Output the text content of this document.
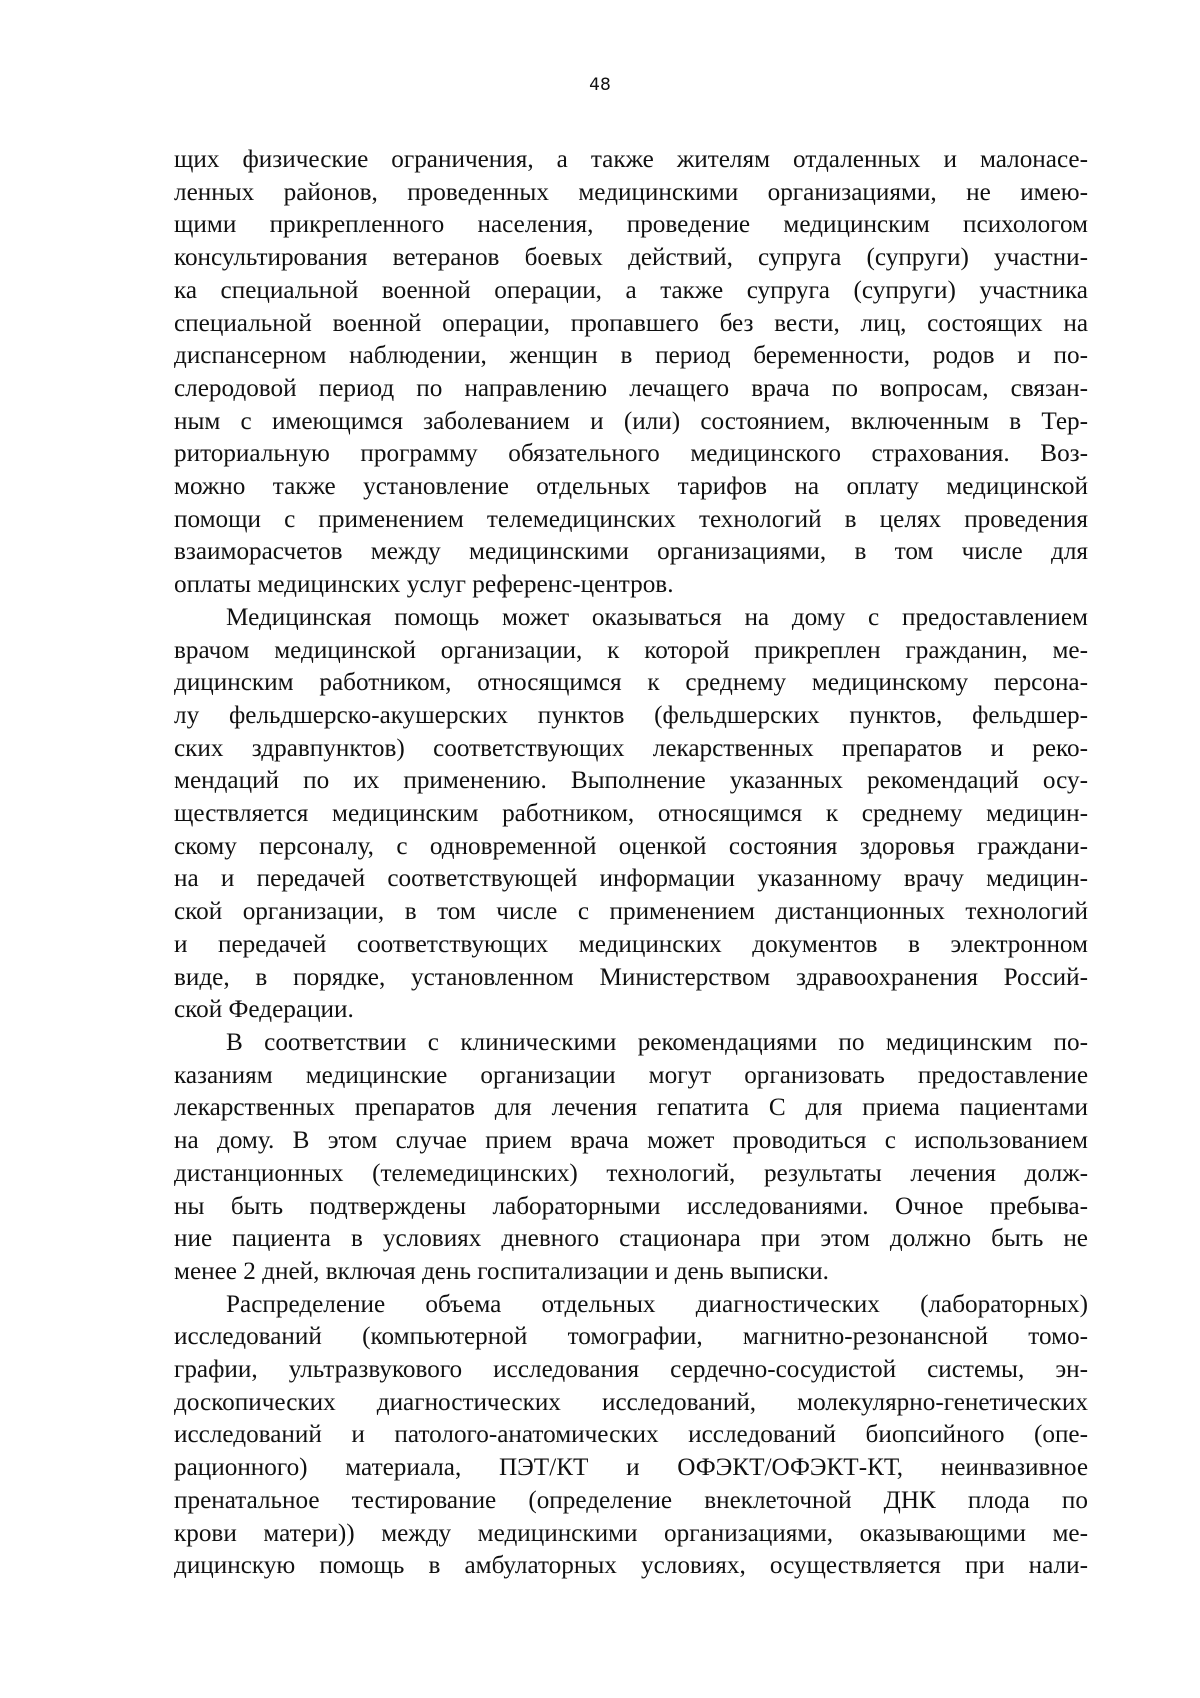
48
щих физические ограничения, а также жителям отдаленных и малонасе-
ленных районов, проведенных медицинскими организациями, не имею-
щими прикрепленного населения, проведение медицинским психологом
консультирования ветеранов боевых действий, супруга (супруги) участни-
ка специальной военной операции, а также супруга (супруги) участника
специальной военной операции, пропавшего без вести, лиц, состоящих на
диспансерном наблюдении, женщин в период беременности, родов и по-
слеродовой период по направлению лечащего врача по вопросам, связан-
ным с имеющимся заболеванием и (или) состоянием, включенным в Тер-
риториальную программу обязательного медицинского страхования. Воз-
можно также установление отдельных тарифов на оплату медицинской
помощи с применением телемедицинских технологий в целях проведения
взаиморасчетов между медицинскими организациями, в том числе для
оплаты медицинских услуг референс-центров.
Медицинская помощь может оказываться на дому с предоставлением
врачом медицинской организации, к которой прикреплен гражданин, ме-
дицинским работником, относящимся к среднему медицинскому персона-
лу фельдшерско-акушерских пунктов (фельдшерских пунктов, фельдшер-
ских здравпунктов) соответствующих лекарственных препаратов и реко-
мендаций по их применению. Выполнение указанных рекомендаций осу-
ществляется медицинским работником, относящимся к среднему медицин-
скому персоналу, с одновременной оценкой состояния здоровья граждани-
на и передачей соответствующей информации указанному врачу медицин-
ской организации, в том числе с применением дистанционных технологий
и передачей соответствующих медицинских документов в электронном
виде, в порядке, установленном Министерством здравоохранения Россий-
ской Федерации.
В соответствии с клиническими рекомендациями по медицинским по-
казаниям медицинские организации могут организовать предоставление
лекарственных препаратов для лечения гепатита С для приема пациентами
на дому. В этом случае прием врача может проводиться с использованием
дистанционных (телемедицинских) технологий, результаты лечения долж-
ны быть подтверждены лабораторными исследованиями. Очное пребыва-
ние пациента в условиях дневного стационара при этом должно быть не
менее 2 дней, включая день госпитализации и день выписки.
Распределение объема отдельных диагностических (лабораторных)
исследований (компьютерной томографии, магнитно-резонансной томо-
графии, ультразвукового исследования сердечно-сосудистой системы, эн-
доскопических диагностических исследований, молекулярно-генетических
исследований и патолого-анатомических исследований биопсийного (опе-
рационного) материала, ПЭТ/КТ и ОФЭКТ/ОФЭКТ-КТ, неинвазивное
пренатальное тестирование (определение внеклеточной ДНК плода по
крови матери)) между медицинскими организациями, оказывающими ме-
дицинскую помощь в амбулаторных условиях, осуществляется при нали-
